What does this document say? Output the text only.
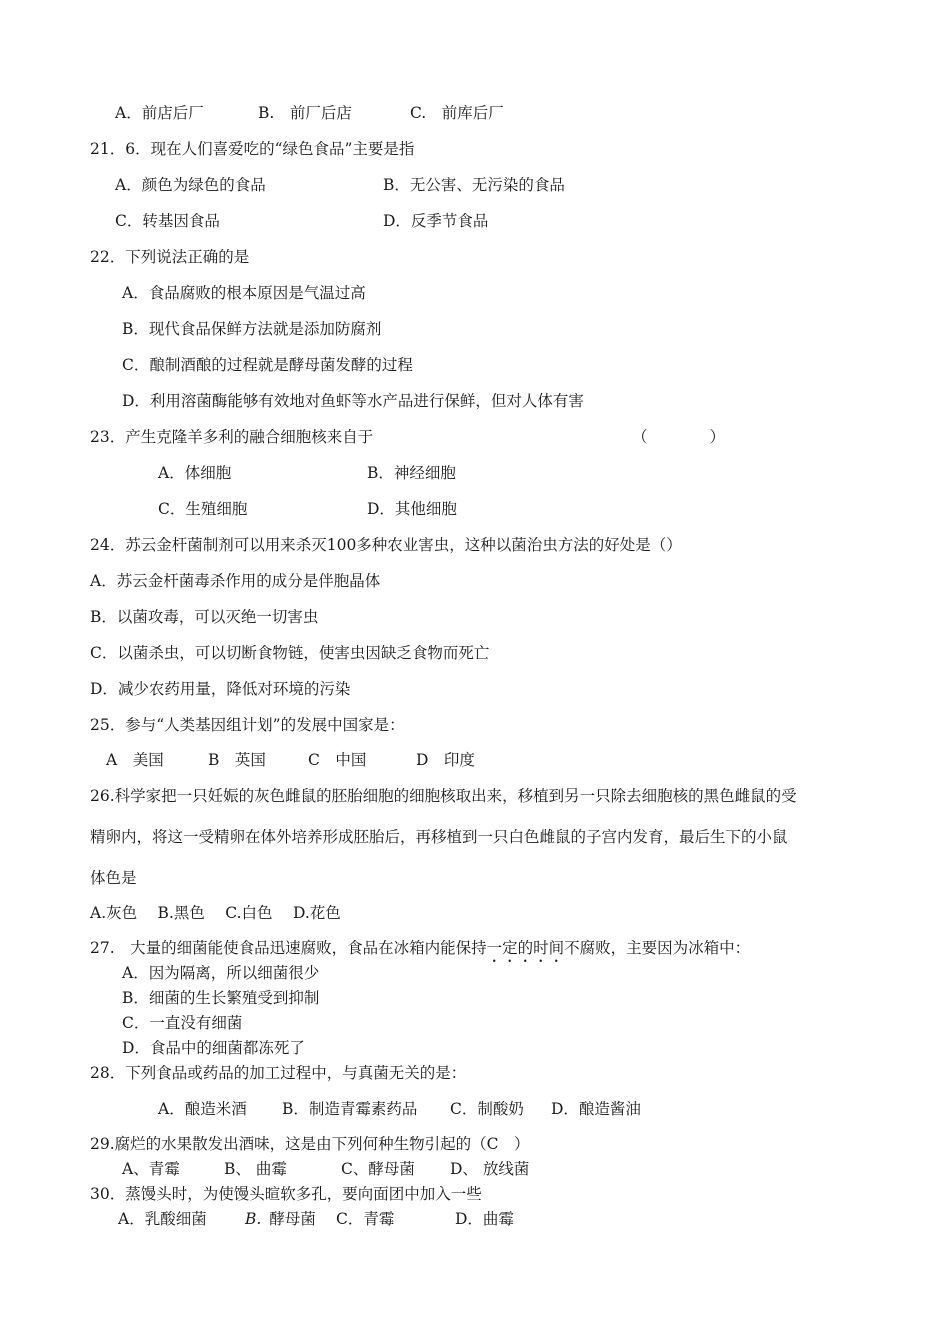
A．前店后厂	B.　前厂后店	C.　前库后厂
21．6．现在人们喜爱吃的“绿色食品”主要是指
A．颜色为绿色的食品	B．无公害、无污染的食品
C．转基因食品	D．反季节食品
22．下列说法正确的是
A．食品腐败的根本原因是气温过高
B．现代食品保鲜方法就是添加防腐剂
C．酿制酒酿的过程就是酵母菌发酵的过程
D．利用溶菌酶能够有效地对鱼虾等水产品进行保鲜，但对人体有害
23．产生克隆羊多利的融合细胞核来自于	（　　　　）
A．体细胞	B．神经细胞
C．生殖细胞	D．其他细胞
24．苏云金杆菌制剂可以用来杀灭100多种农业害虫，这种以菌治虫方法的好处是（）
A．苏云金杆菌毒杀作用的成分是伴胞晶体
B．以菌攻毒，可以灭绝一切害虫
C．以菌杀虫，可以切断食物链，使害虫因缺乏食物而死亡
D．减少农药用量，降低对环境的污染
25．参与“人类基因组计划”的发展中国家是：
A　美国	B　英国	C　中国	D　印度
26.科学家把一只妊娠的灰色雌鼠的胚胎细胞的细胞核取出来，移植到另一只除去细胞核的黑色雌鼠的受
精卵内，将这一受精卵在体外培养形成胚胎后，再移植到一只白色雌鼠的子宫内发育，最后生下的小鼠
体色是
A.灰色　 B.黑色　 C.白色　 D.花色
27.　大量的细菌能使食品迅速腐败，食品在冰箱内能保持一定的时间不腐败，主要因为冰箱中：
A．因为隔离，所以细菌很少
B．细菌的生长繁殖受到抑制
C．一直没有细菌
D．食品中的细菌都冻死了
28．下列食品或药品的加工过程中，与真菌无关的是：
A．酿造米酒 B．制造青霉素药品 C．制酸奶 D．酿造酱油
29.腐烂的水果散发出酒味，这是由下列何种生物引起的（C　）
A、青霉	B、 曲霉	C、酵母菌 D、 放线菌
30．蒸馒头时，为使馒头暄软多孔，要向面团中加入一些
A．乳酸细菌 B. 酵母菌 C．青霉	D．曲霉
